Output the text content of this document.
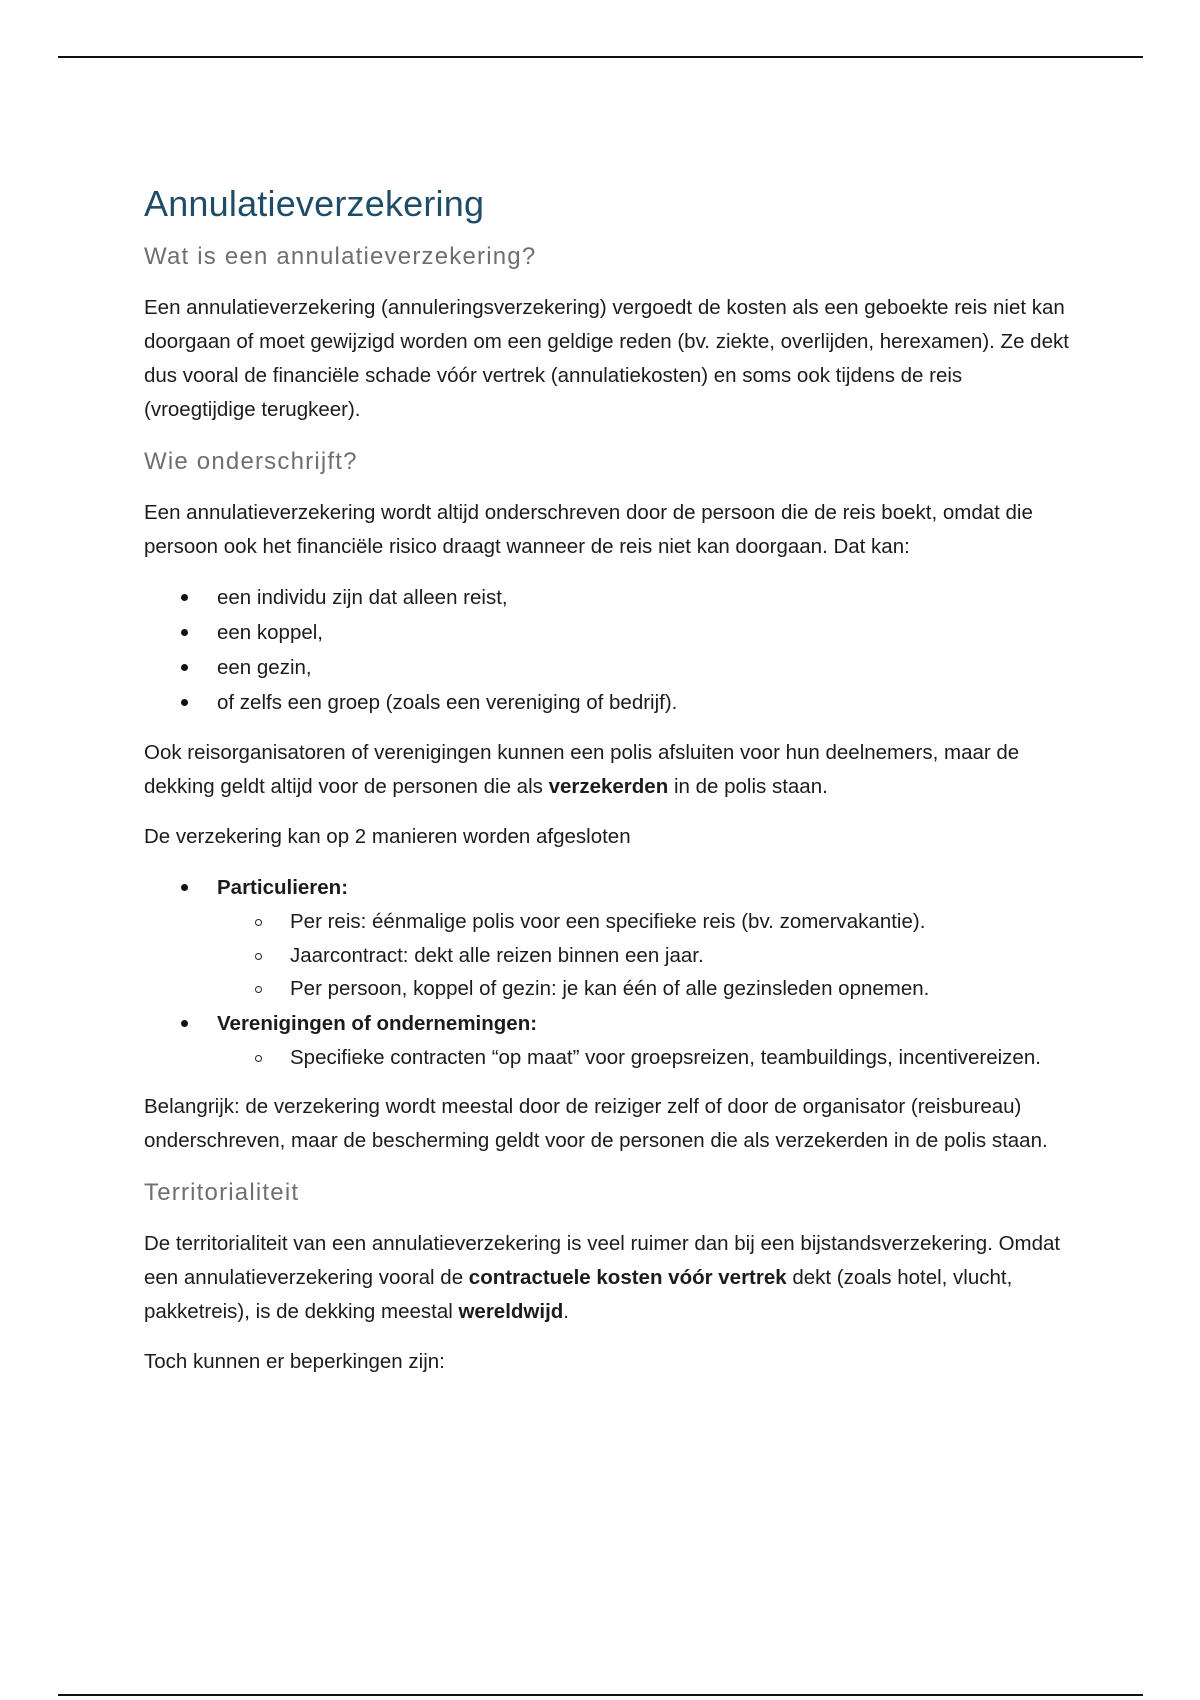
Annulatieverzekering
Wat is een annulatieverzekering?

Een annulatieverzekering (annuleringsverzekering) vergoedt de kosten als een geboekte reis niet kan doorgaan of moet gewijzigd worden om een geldige reden (bv. ziekte, overlijden, herexamen). Ze dekt dus vooral de financiële schade vóór vertrek (annulatiekosten) en soms ook tijdens de reis (vroegtijdige terugkeer).

Wie onderschrijft?

Een annulatieverzekering wordt altijd onderschreven door de persoon die de reis boekt, omdat die persoon ook het financiële risico draagt wanneer de reis niet kan doorgaan. Dat kan:

een individu zijn dat alleen reist,
een koppel,
een gezin,
of zelfs een groep (zoals een vereniging of bedrijf).

Ook reisorganisatoren of verenigingen kunnen een polis afsluiten voor hun deelnemers, maar de dekking geldt altijd voor de personen die als verzekerden in de polis staan.

De verzekering kan op 2 manieren worden afgesloten

Particulieren:
Per reis: éénmalige polis voor een specifieke reis (bv. zomervakantie).
Jaarcontract: dekt alle reizen binnen een jaar.
Per persoon, koppel of gezin: je kan één of alle gezinsleden opnemen.
Verenigingen of ondernemingen:
Specifieke contracten “op maat” voor groepsreizen, teambuildings, incentivereizen.

Belangrijk: de verzekering wordt meestal door de reiziger zelf of door de organisator (reisbureau) onderschreven, maar de bescherming geldt voor de personen die als verzekerden in de polis staan.

Territorialiteit

De territorialiteit van een annulatieverzekering is veel ruimer dan bij een bijstandsverzekering. Omdat een annulatieverzekering vooral de contractuele kosten vóór vertrek dekt (zoals hotel, vlucht, pakketreis), is de dekking meestal wereldwijd.

Toch kunnen er beperkingen zijn:
